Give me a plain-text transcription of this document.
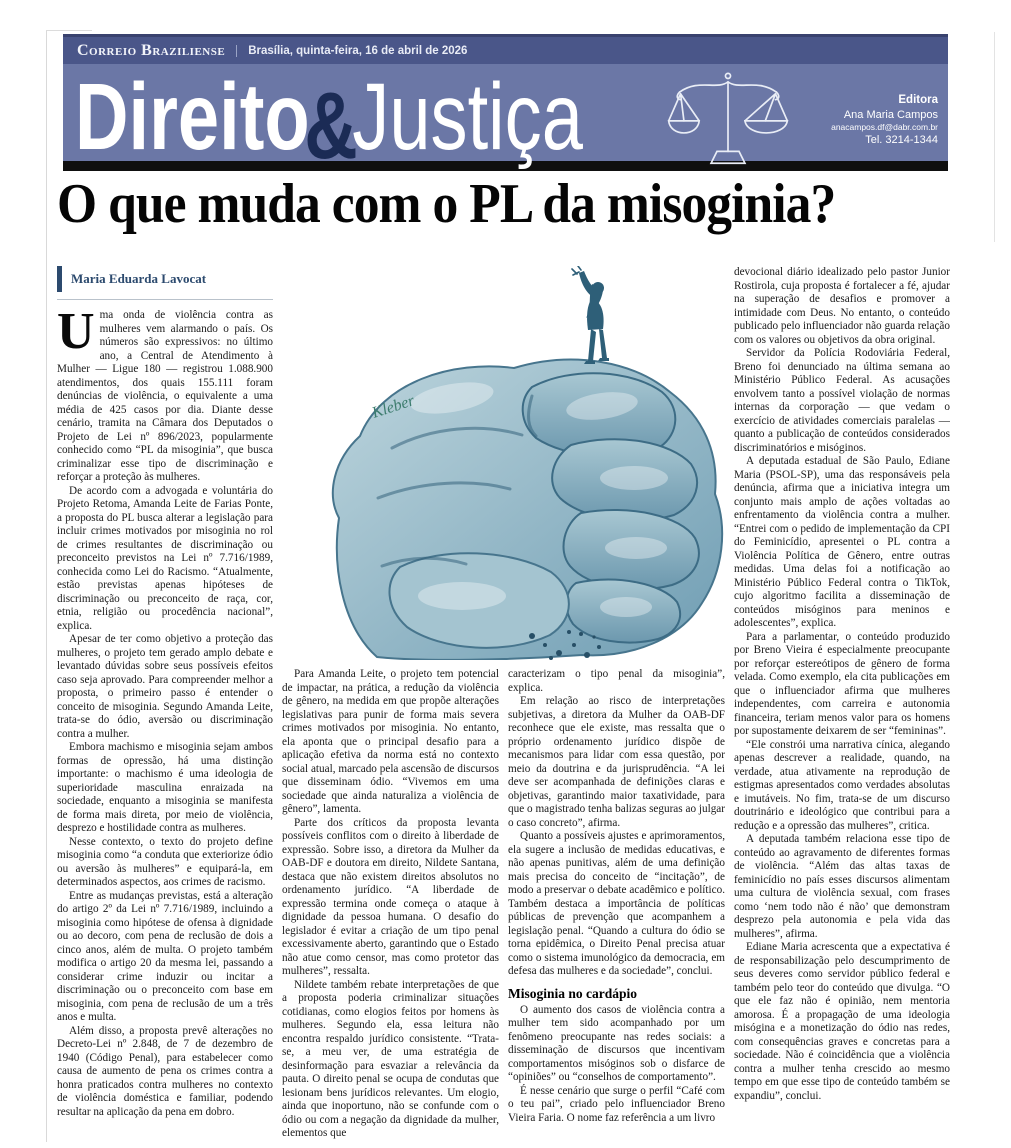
Correio Braziliense	Brasília, quinta-feira, 16 de abril de 2026
Direito&Justiça	Editora
Ana Maria Campos
anacampos.df@dabr.com.br
Tel. 3214-1344
O que muda com o PL da misoginia?
Maria Eduarda Lavocat

Uma onda de violência contra as mulheres vem alarmando o país. Os números são expressivos: no último ano, a Central de Atendimento à Mulher — Ligue 180 — registrou 1.088.900 atendimentos, dos quais 155.111 foram denúncias de violência, o equivalente a uma média de 425 casos por dia. Diante desse cenário, tramita na Câmara dos Deputados o Projeto de Lei nº 896/2023, popularmente conhecido como “PL da misoginia”, que busca criminalizar esse tipo de discriminação e reforçar a proteção às mulheres.

De acordo com a advogada e voluntária do Projeto Retoma, Amanda Leite de Farias Ponte, a proposta do PL busca alterar a legislação para incluir crimes motivados por misoginia no rol de crimes resultantes de discriminação ou preconceito previstos na Lei nº 7.716/1989, conhecida como Lei do Racismo. “Atualmente, estão previstas apenas hipóteses de discriminação ou preconceito de raça, cor, etnia, religião ou procedência nacional”, explica.

Apesar de ter como objetivo a proteção das mulheres, o projeto tem gerado amplo debate e levantado dúvidas sobre seus possíveis efeitos caso seja aprovado. Para compreender melhor a proposta, o primeiro passo é entender o conceito de misoginia. Segundo Amanda Leite, trata-se do ódio, aversão ou discriminação contra a mulher.

Embora machismo e misoginia sejam ambos formas de opressão, há uma distinção importante: o machismo é uma ideologia de superioridade masculina enraizada na sociedade, enquanto a misoginia se manifesta de forma mais direta, por meio de violência, desprezo e hostilidade contra as mulheres.

Nesse contexto, o texto do projeto define misoginia como “a conduta que exteriorize ódio ou aversão às mulheres” e equipará-la, em determinados aspectos, aos crimes de racismo.

Entre as mudanças previstas, está a alteração do artigo 2º da Lei nº 7.716/1989, incluindo a misoginia como hipótese de ofensa à dignidade ou ao decoro, com pena de reclusão de dois a cinco anos, além de multa. O projeto também modifica o artigo 20 da mesma lei, passando a considerar crime induzir ou incitar a discriminação ou o preconceito com base em misoginia, com pena de reclusão de um a três anos e multa.

Além disso, a proposta prevê alterações no Decreto-Lei nº 2.848, de 7 de dezembro de 1940 (Código Penal), para estabelecer como causa de aumento de pena os crimes contra a honra praticados contra mulheres no contexto de violência doméstica e familiar, podendo resultar na aplicação da pena em dobro.

Kleber

Para Amanda Leite, o projeto tem potencial de impactar, na prática, a redução da violência de gênero, na medida em que propõe alterações legislativas para punir de forma mais severa crimes motivados por misoginia. No entanto, ela aponta que o principal desafio para a aplicação efetiva da norma está no contexto social atual, marcado pela ascensão de discursos que disseminam ódio. “Vivemos em uma sociedade que ainda naturaliza a violência de gênero”, lamenta.

Parte dos críticos da proposta levanta possíveis conflitos com o direito à liberdade de expressão. Sobre isso, a diretora da Mulher da OAB-DF e doutora em direito, Nildete Santana, destaca que não existem direitos absolutos no ordenamento jurídico. “A liberdade de expressão termina onde começa o ataque à dignidade da pessoa humana. O desafio do legislador é evitar a criação de um tipo penal excessivamente aberto, garantindo que o Estado não atue como censor, mas como protetor das mulheres”, ressalta.

Nildete também rebate interpretações de que a proposta poderia criminalizar situações cotidianas, como elogios feitos por homens às mulheres. Segundo ela, essa leitura não encontra respaldo jurídico consistente. “Trata-se, a meu ver, de uma estratégia de desinformação para esvaziar a relevância da pauta. O direito penal se ocupa de condutas que lesionam bens jurídicos relevantes. Um elogio, ainda que inoportuno, não se confunde com o ódio ou com a negação da dignidade da mulher, elementos que

caracterizam o tipo penal da misoginia”, explica.

Em relação ao risco de interpretações subjetivas, a diretora da Mulher da OAB-DF reconhece que ele existe, mas ressalta que o próprio ordenamento jurídico dispõe de mecanismos para lidar com essa questão, por meio da doutrina e da jurisprudência. “A lei deve ser acompanhada de definições claras e objetivas, garantindo maior taxatividade, para que o magistrado tenha balizas seguras ao julgar o caso concreto”, afirma.

Quanto a possíveis ajustes e aprimoramentos, ela sugere a inclusão de medidas educativas, e não apenas punitivas, além de uma definição mais precisa do conceito de “incitação”, de modo a preservar o debate acadêmico e político. Também destaca a importância de políticas públicas de prevenção que acompanhem a legislação penal. “Quando a cultura do ódio se torna epidêmica, o Direito Penal precisa atuar como o sistema imunológico da democracia, em defesa das mulheres e da sociedade”, conclui.

Misoginia no cardápio

O aumento dos casos de violência contra a mulher tem sido acompanhado por um fenômeno preocupante nas redes sociais: a disseminação de discursos que incentivam comportamentos misóginos sob o disfarce de “opiniões” ou “conselhos de comportamento”.

É nesse cenário que surge o perfil “Café com o teu pai”, criado pelo influenciador Breno Vieira Faria. O nome faz referência a um livro

devocional diário idealizado pelo pastor Junior Rostirola, cuja proposta é fortalecer a fé, ajudar na superação de desafios e promover a intimidade com Deus. No entanto, o conteúdo publicado pelo influenciador não guarda relação com os valores ou objetivos da obra original.

Servidor da Polícia Rodoviária Federal, Breno foi denunciado na última semana ao Ministério Público Federal. As acusações envolvem tanto a possível violação de normas internas da corporação — que vedam o exercício de atividades comerciais paralelas — quanto a publicação de conteúdos considerados discriminatórios e misóginos.

A deputada estadual de São Paulo, Ediane Maria (PSOL-SP), uma das responsáveis pela denúncia, afirma que a iniciativa integra um conjunto mais amplo de ações voltadas ao enfrentamento da violência contra a mulher. “Entrei com o pedido de implementação da CPI do Feminicídio, apresentei o PL contra a Violência Política de Gênero, entre outras medidas. Uma delas foi a notificação ao Ministério Público Federal contra o TikTok, cujo algoritmo facilita a disseminação de conteúdos misóginos para meninos e adolescentes”, explica.

Para a parlamentar, o conteúdo produzido por Breno Vieira é especialmente preocupante por reforçar estereótipos de gênero de forma velada. Como exemplo, ela cita publicações em que o influenciador afirma que mulheres independentes, com carreira e autonomia financeira, teriam menos valor para os homens por supostamente deixarem de ser “femininas”.

“Ele constrói uma narrativa cínica, alegando apenas descrever a realidade, quando, na verdade, atua ativamente na reprodução de estigmas apresentados como verdades absolutas e imutáveis. No fim, trata-se de um discurso doutrinário e ideológico que contribui para a redução e a opressão das mulheres”, critica.

A deputada também relaciona esse tipo de conteúdo ao agravamento de diferentes formas de violência. “Além das altas taxas de feminicídio no país esses discursos alimentam uma cultura de violência sexual, com frases como ‘nem todo não é não’ que demonstram desprezo pela autonomia e pela vida das mulheres”, afirma.

Ediane Maria acrescenta que a expectativa é de responsabilização pelo descumprimento de seus deveres como servidor público federal e também pelo teor do conteúdo que divulga. “O que ele faz não é opinião, nem mentoria amorosa. É a propagação de uma ideologia misógina e a monetização do ódio nas redes, com consequências graves e concretas para a sociedade. Não é coincidência que a violência contra a mulher tenha crescido ao mesmo tempo em que esse tipo de conteúdo também se expandiu”, conclui.
